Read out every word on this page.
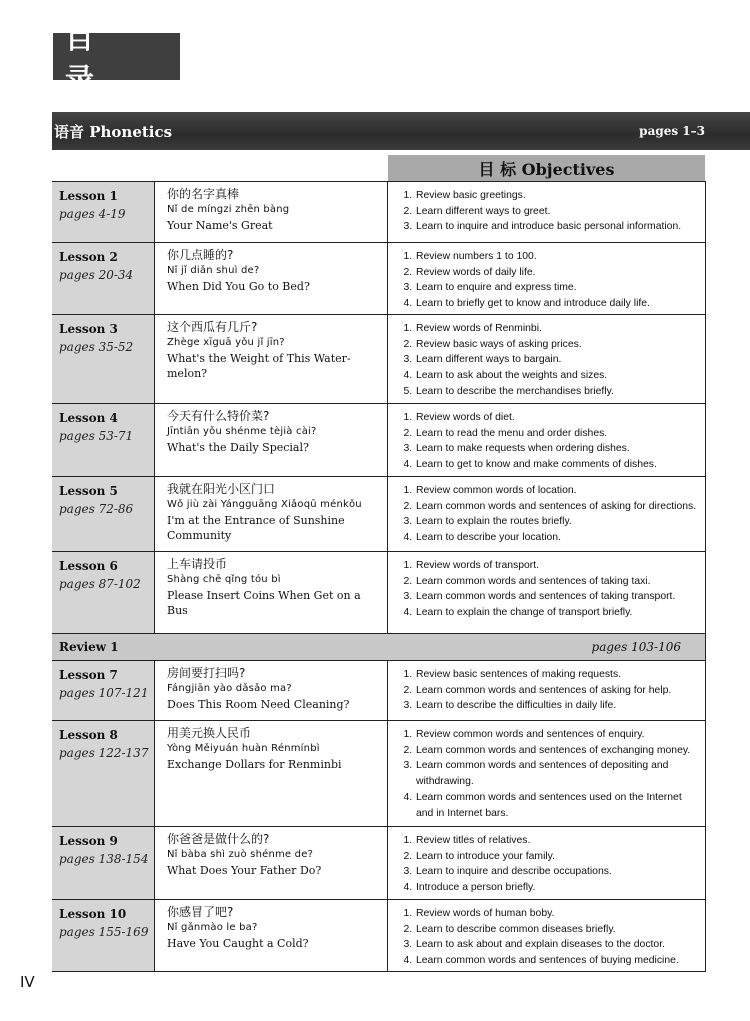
目 录
语音 Phonetics	pages 1–3
目 标 Objectives
Lesson 1
pages 4-19
你的名字真棒
Nǐ de míngzi zhēn bàng
Your Name's Great
1. Review basic greetings.
2. Learn different ways to greet.
3. Learn to inquire and introduce basic personal information.
Lesson 2
pages 20-34
你几点睡的?
Nǐ jǐ diǎn shuì de?
When Did You Go to Bed?
1. Review numbers 1 to 100.
2. Review words of daily life.
3. Learn to enquire and express time.
4. Learn to briefly get to know and introduce daily life.
Lesson 3
pages 35-52
这个西瓜有几斤?
Zhège xīguā yǒu jǐ jīn?
What's the Weight of This Water-melon?
1. Review words of Renminbi.
2. Review basic ways of asking prices.
3. Learn different ways to bargain.
4. Learn to ask about the weights and sizes.
5. Learn to describe the merchandises briefly.
Lesson 4
pages 53-71
今天有什么特价菜?
Jīntiān yǒu shénme tèjià cài?
What's the Daily Special?
1. Review words of diet.
2. Learn to read the menu and order dishes.
3. Learn to make requests when ordering dishes.
4. Learn to get to know and make comments of dishes.
Lesson 5
pages 72-86
我就在阳光小区门口
Wǒ jiù zài Yángguāng Xiǎoqū ménkǒu
I'm at the Entrance of Sunshine Community
1. Review common words of location.
2. Learn common words and sentences of asking for directions.
3. Learn to explain the routes briefly.
4. Learn to describe your location.
Lesson 6
pages 87-102
上车请投币
Shàng chē qǐng tóu bì
Please Insert Coins When Get on a Bus
1. Review words of transport.
2. Learn common words and sentences of taking taxi.
3. Learn common words and sentences of taking transport.
4. Learn to explain the change of transport briefly.
Review 1	pages 103-106
Lesson 7
pages 107-121
房间要打扫吗?
Fángjiān yào dǎsǎo ma?
Does This Room Need Cleaning?
1. Review basic sentences of making requests.
2. Learn common words and sentences of asking for help.
3. Learn to describe the difficulties in daily life.
Lesson 8
pages 122-137
用美元换人民币
Yòng Měiyuán huàn Rénmínbì
Exchange Dollars for Renminbi
1. Review common words and sentences of enquiry.
2. Learn common words and sentences of exchanging money.
3. Learn common words and sentences of depositing and withdrawing.
4. Learn common words and sentences used on the Internet and in Internet bars.
Lesson 9
pages 138-154
你爸爸是做什么的?
Nǐ bàba shì zuò shénme de?
What Does Your Father Do?
1. Review titles of relatives.
2. Learn to introduce your family.
3. Learn to inquire and describe occupations.
4. Introduce a person briefly.
Lesson 10
pages 155-169
你感冒了吧?
Nǐ gǎnmào le ba?
Have You Caught a Cold?
1. Review words of human boby.
2. Learn to describe common diseases briefly.
3. Learn to ask about and explain diseases to the doctor.
4. Learn common words and sentences of buying medicine.
IV
